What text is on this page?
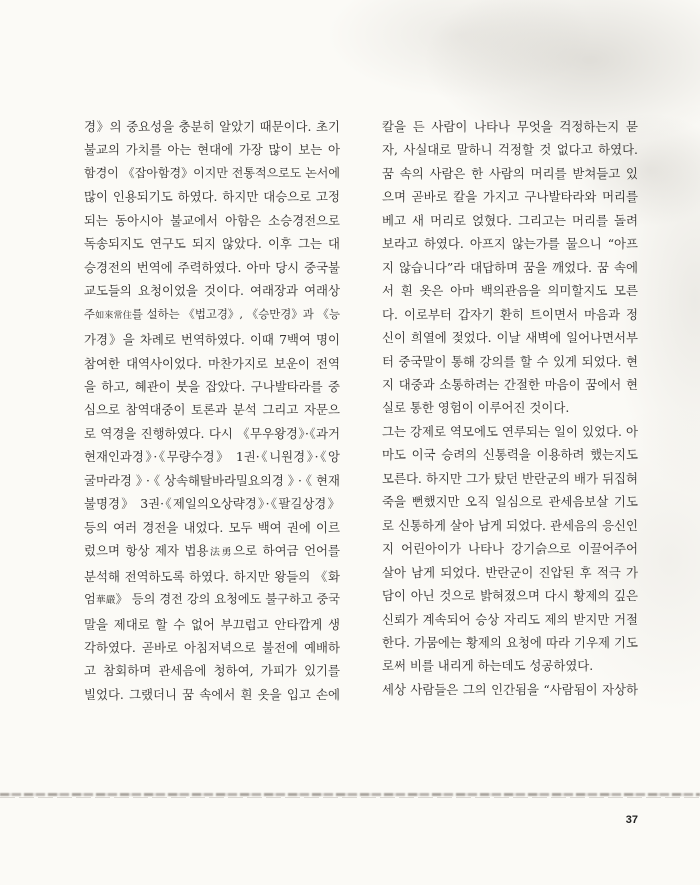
경》의 중요성을 충분히 알았기 때문이다. 초기
불교의 가치를 아는 현대에 가장 많이 보는 아
함경이 《잡아함경》이지만 전통적으로도 논서에
많이 인용되기도 하였다. 하지만 대승으로 고정
되는 동아시아 불교에서 아함은 소승경전으로
독송되지도 연구도 되지 않았다. 이후 그는 대
승경전의 번역에 주력하였다. 아마 당시 중국불
교도들의 요청이었을 것이다. 여래장과 여래상
주如來常住를 설하는 《법고경》, 《승만경》과 《능
가경》을 차례로 번역하였다. 이때 7백여 명이
참여한 대역사이었다. 마찬가지로 보운이 전역
을 하고, 혜관이 붓을 잡았다. 구나발타라를 중
심으로 참역대중이 토론과 분석 그리고 자문으
로 역경을 진행하였다. 다시 《무우왕경》·《과거
현재인과경》·《무량수경》 1권·《니원경》·《앙
굴마라경》·《상속해탈바라밀요의경》·《현재
불명경》 3권·《제일의오상략경》·《팔길상경》
등의 여러 경전을 내었다. 모두 백여 권에 이르
렀으며 항상 제자 법용法勇으로 하여금 언어를
분석해 전역하도록 하였다. 하지만 왕들의 《화
엄華嚴》 등의 경전 강의 요청에도 불구하고 중국
말을 제대로 할 수 없어 부끄럽고 안타깝게 생
각하였다. 곧바로 아침저녁으로 불전에 예배하
고 참회하며 관세음에 청하여, 가피가 있기를
빌었다. 그랬더니 꿈 속에서 흰 옷을 입고 손에
칼을 든 사람이 나타나 무엇을 걱정하는지 묻
자, 사실대로 말하니 걱정할 것 없다고 하였다.
꿈 속의 사람은 한 사람의 머리를 받쳐들고 있
으며 곧바로 칼을 가지고 구나발타라와 머리를
베고 새 머리로 얹혔다. 그리고는 머리를 돌려
보라고 하였다. 아프지 않는가를 물으니 “아프
지 않습니다”라 대답하며 꿈을 깨었다. 꿈 속에
서 흰 옷은 아마 백의관음을 의미할지도 모른
다. 이로부터 갑자기 환히 트이면서 마음과 정
신이 희열에 젖었다. 이날 새벽에 일어나면서부
터 중국말이 통해 강의를 할 수 있게 되었다. 현
지 대중과 소통하려는 간절한 마음이 꿈에서 현
실로 통한 영험이 이루어진 것이다.
그는 강제로 역모에도 연루되는 일이 있었다. 아
마도 이국 승려의 신통력을 이용하려 했는지도
모른다. 하지만 그가 탔던 반란군의 배가 뒤집혀
죽을 뻔했지만 오직 일심으로 관세음보살 기도
로 신통하게 살아 남게 되었다. 관세음의 응신인
지 어린아이가 나타나 강기슭으로 이끌어주어
살아 남게 되었다. 반란군이 진압된 후 적극 가
담이 아닌 것으로 밝혀졌으며 다시 황제의 깊은
신뢰가 계속되어 승상 자리도 제의 받지만 거절
한다. 가뭄에는 황제의 요청에 따라 기우제 기도
로써 비를 내리게 하는데도 성공하였다.
세상 사람들은 그의 인간됨을 “사람됨이 자상하
37
